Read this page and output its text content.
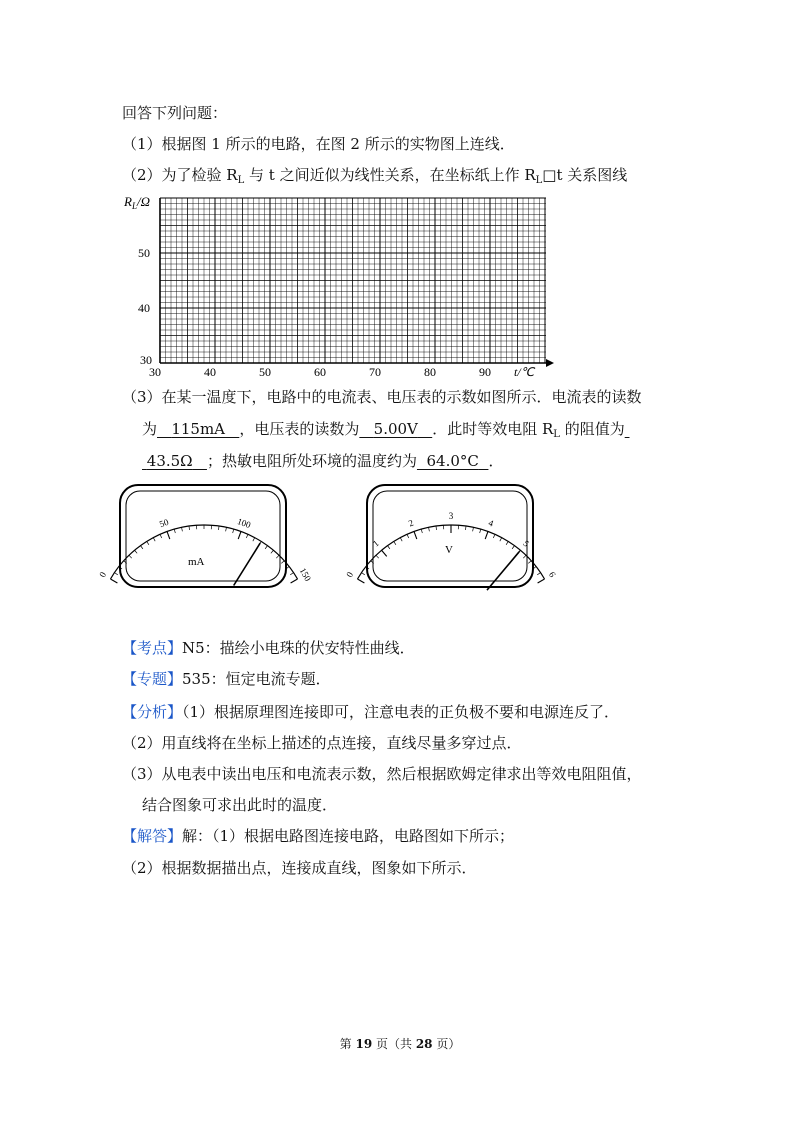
回答下列问题：
（1）根据图 1 所示的电路，在图 2 所示的实物图上连线．
（2）为了检验 $R_L$ 与 t 之间近似为线性关系，在坐标纸上作 $R_L□t$ 关系图线
$R_L/\Omega$
50
40
30
30	40	50	60	70	80	90 t/℃
（3）在某一温度下，电路中的电流表、电压表的示数如图所示．电流表的读数
为 115mA ，电压表的读数为 5.00V ．此时等效电阻 $R_L$ 的阻值为
43.5Ω ；热敏电阻所处环境的温度约为 64.0°C ．
0
50	100
150
mA
0
1
2
3
4
5
6
V
【考点】N5：描绘小电珠的伏安特性曲线．
【专题】535：恒定电流专题．
【分析】（1）根据原理图连接即可，注意电表的正负极不要和电源连反了．
（2）用直线将在坐标上描述的点连接，直线尽量多穿过点．
（3）从电表中读出电压和电流表示数，然后根据欧姆定律求出等效电阻阻值，
结合图象可求出此时的温度．
【解答】解：（1）根据电路图连接电路，电路图如下所示；
（2）根据数据描出点，连接成直线，图象如下所示．
第 19 页（共 28 页）
